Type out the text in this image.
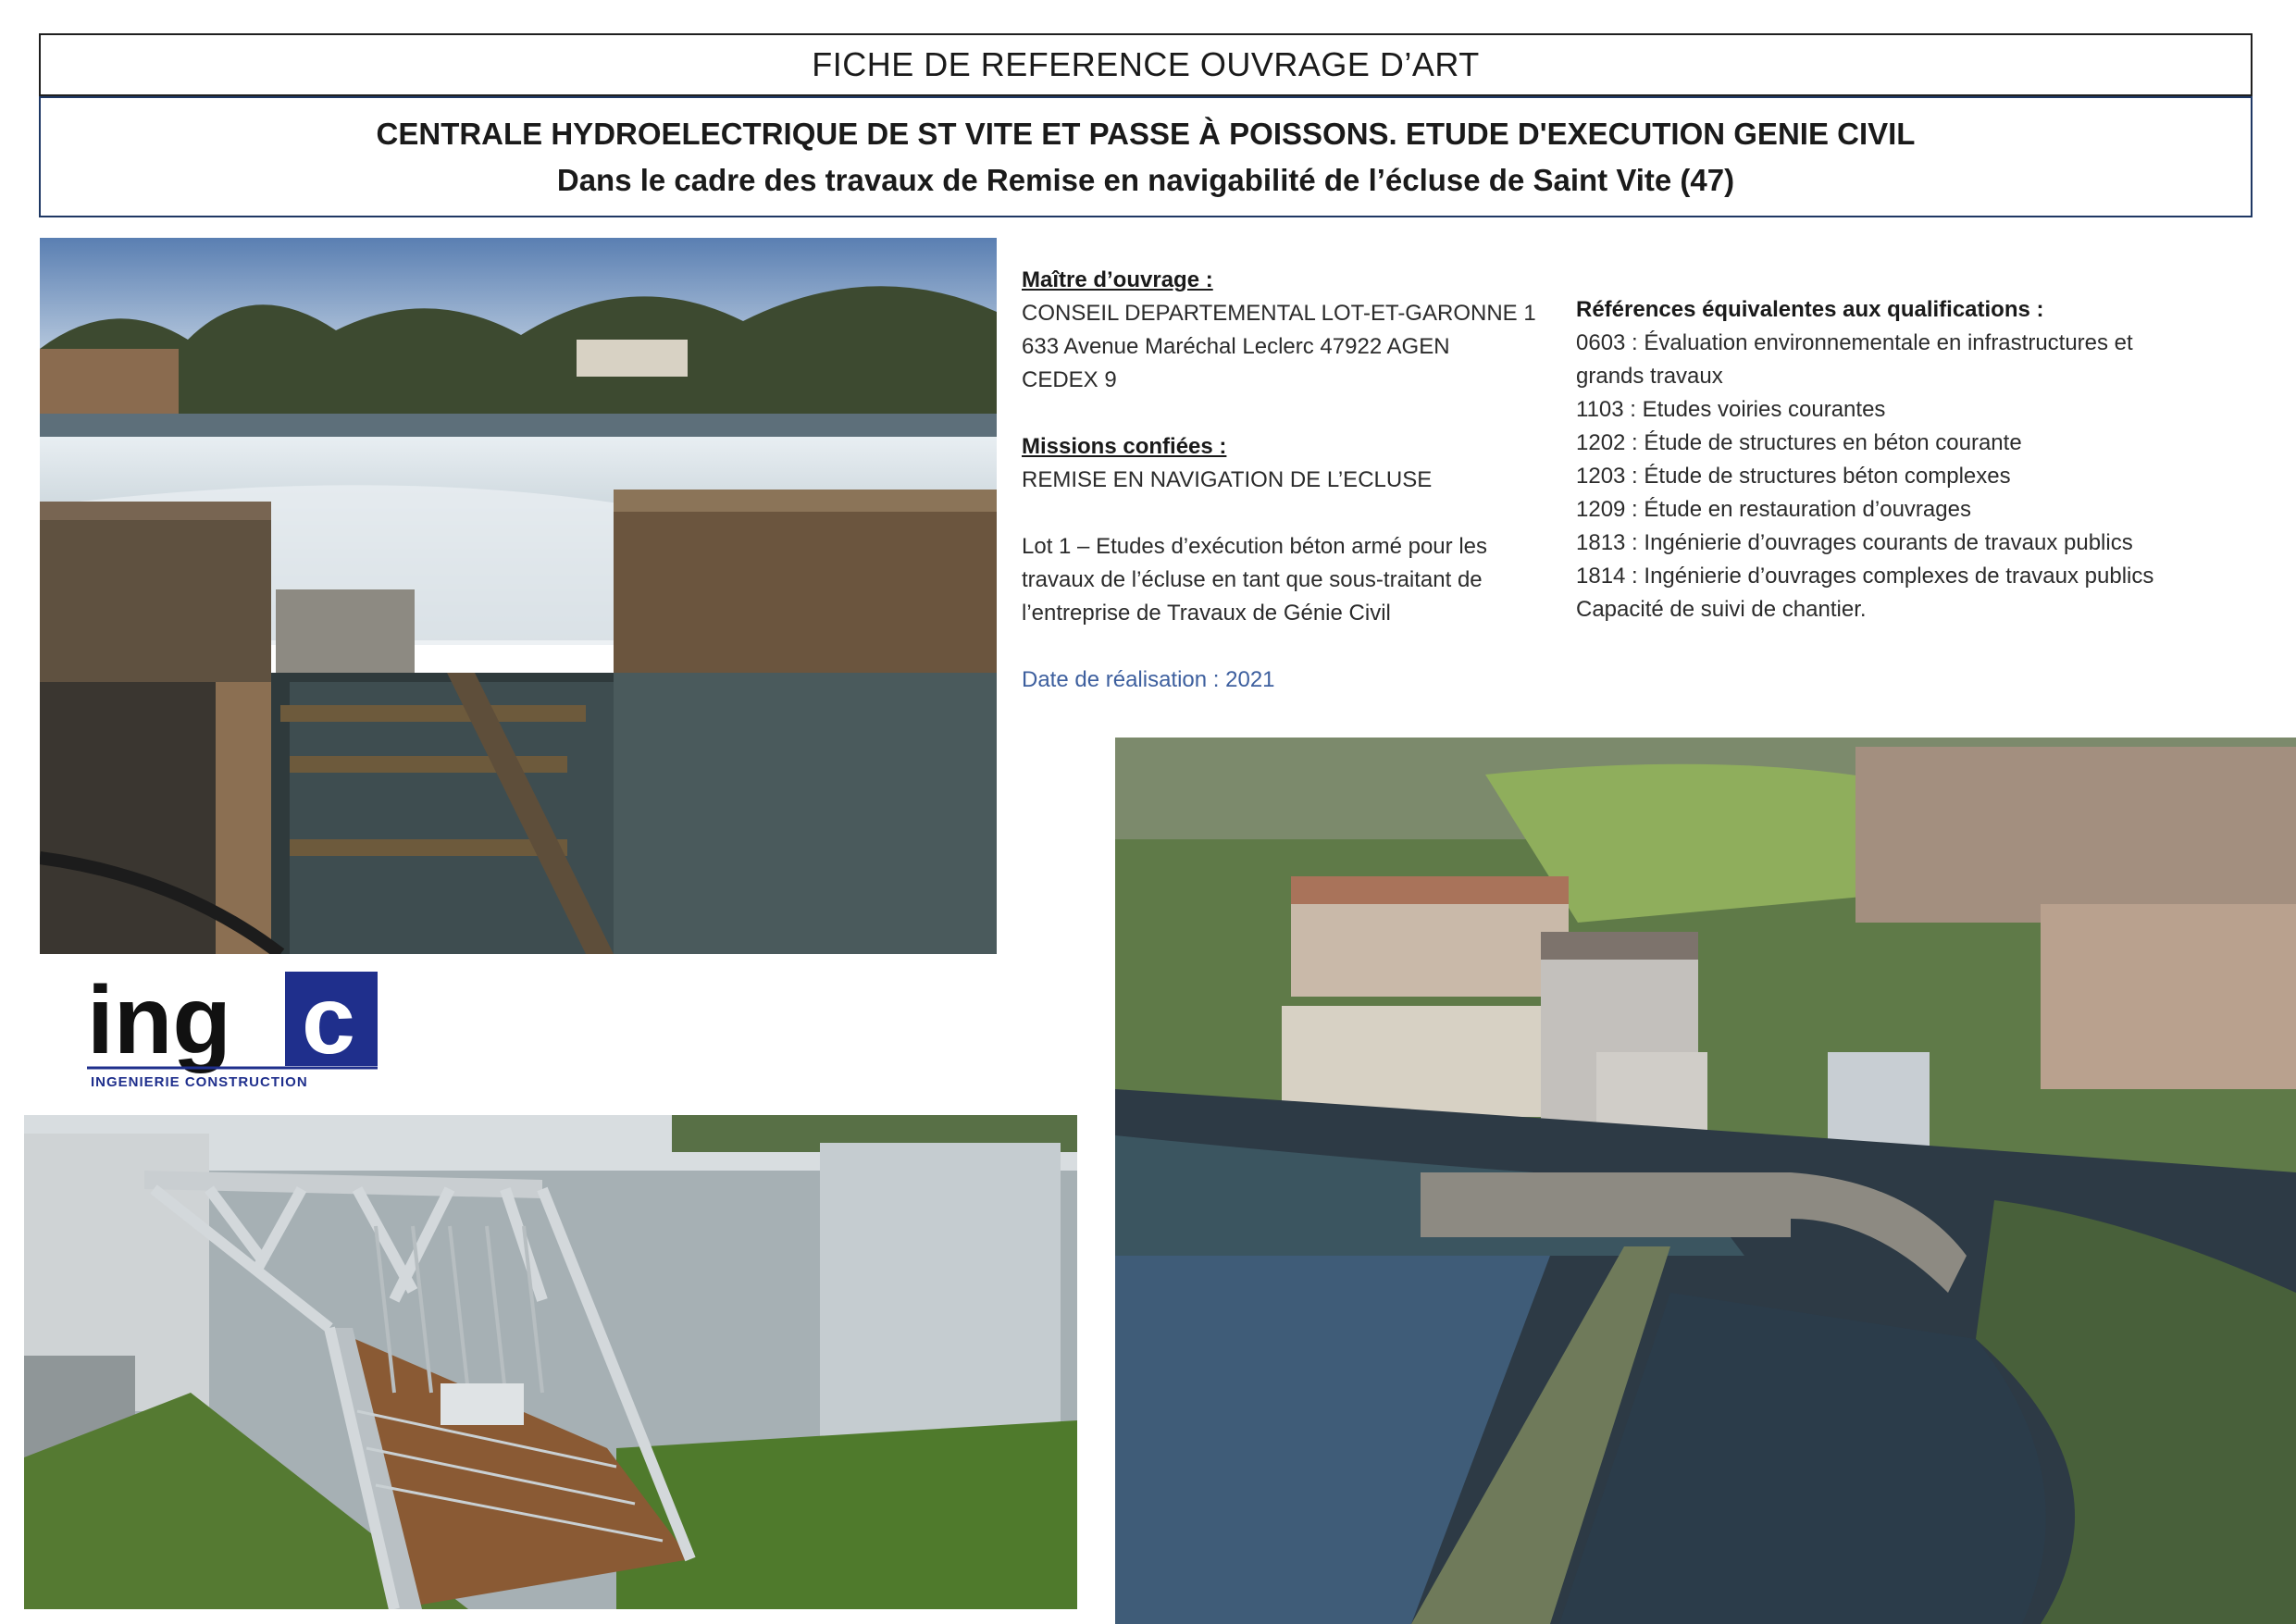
FICHE DE REFERENCE OUVRAGE D’ART
CENTRALE HYDROELECTRIQUE DE ST VITE ET PASSE À POISSONS. ETUDE D'EXECUTION GENIE CIVIL
Dans le cadre des travaux de Remise en navigabilité de l’écluse de Saint Vite (47)

Maître d’ouvrage :

CONSEIL DEPARTEMENTAL LOT-ET-GARONNE 1

633 Avenue Maréchal Leclerc 47922 AGEN

CEDEX 9

Missions confiées :

REMISE EN NAVIGATION DE L’ECLUSE

Lot 1 – Etudes d’exécution béton armé pour les

travaux de l’écluse en tant que sous-traitant de

l’entreprise de Travaux de Génie Civil

Date de réalisation : 2021

Références équivalentes aux qualifications :

0603 : Évaluation environnementale en infrastructures et

grands travaux

1103 : Etudes voiries courantes

1202 : Étude de structures en béton courante

1203 : Étude de structures béton complexes

1209 : Étude en restauration d’ouvrages

1813 : Ingénierie d’ouvrages courants de travaux publics

1814 : Ingénierie d’ouvrages complexes de travaux publics

Capacité de suivi de chantier.

ing c
INGENIERIE CONSTRUCTION
